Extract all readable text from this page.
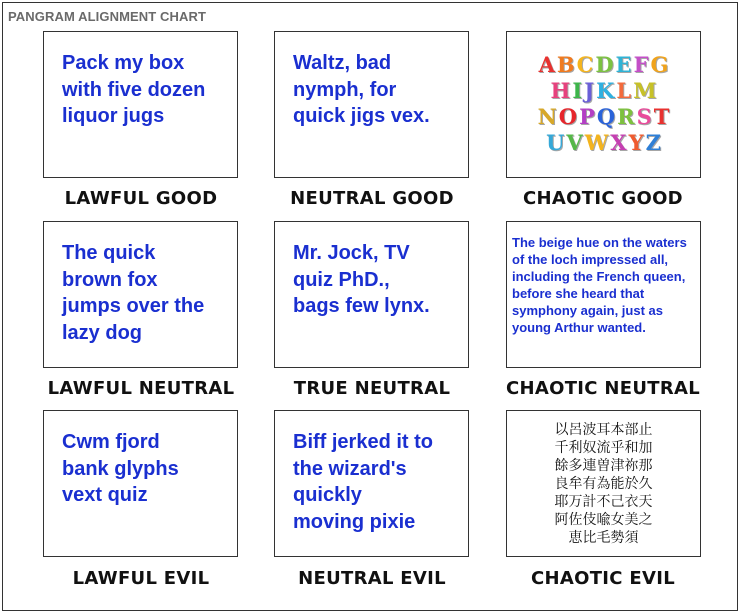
PANGRAM ALIGNMENT CHART
Pack my box
with five dozen
liquor jugs
LAWFUL GOOD
Waltz, bad
nymph, for
quick jigs vex.
NEUTRAL GOOD
ABCDEFG
HIJKLM
NOPQRST
UVWXYZ
CHAOTIC GOOD
The quick
brown fox
jumps over the
lazy dog
LAWFUL NEUTRAL
Mr. Jock, TV
quiz PhD.,
bags few lynx.
TRUE NEUTRAL
The beige hue on the waters of the loch impressed all, including the French queen, before she heard that symphony again, just as young Arthur wanted.
CHAOTIC NEUTRAL
Cwm fjord
bank glyphs
vext quiz
LAWFUL EVIL
Biff jerked it to
the wizard's
quickly
moving pixie
NEUTRAL EVIL
以呂波耳本部止
千利奴流乎和加
餘多連曽津祢那
良牟有為能於久
耶万計不己衣天
阿佐伎喩女美之
恵比毛勢須
CHAOTIC EVIL
